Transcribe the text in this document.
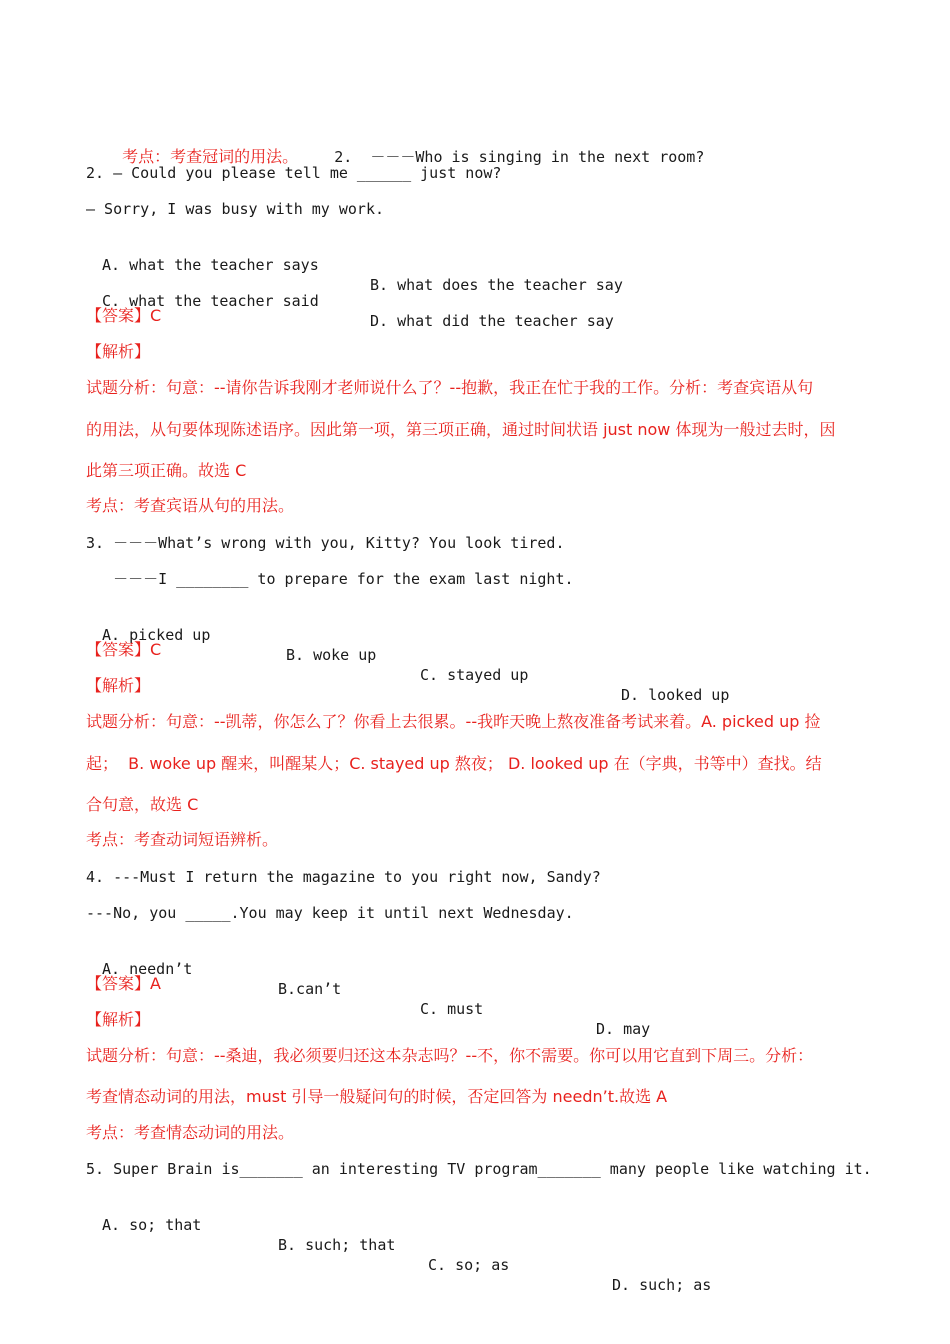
考点：考查冠词的用法。 2.  －－－Who is singing in the next room?

2. — Could you please tell me ______ just now?
— Sorry, I was busy with my work.

A. what the teacher says

B. what does the teacher say

C. what the teacher said

D. what did the teacher say

【答案】C
【解析】
试题分析：句意：--请你告诉我刚才老师说什么了？--抱歉，我正在忙于我的工作。分析：考查宾语从句
的用法，从句要体现陈述语序。因此第一项，第三项正确，通过时间状语 just now 体现为一般过去时，因
此第三项正确。故选 C
考点：考查宾语从句的用法。
3. －－－What’s wrong with you, Kitty? You look tired.
－－－I ________ to prepare for the exam last night.

A. picked up

B. woke up

C. stayed up

D. looked up

【答案】C
【解析】
试题分析：句意：--凯蒂，你怎么了？你看上去很累。--我昨天晚上熬夜准备考试来着。A. picked up 捡
起；  B. woke up 醒来，叫醒某人；C. stayed up 熬夜； D. looked up 在（字典，书等中）查找。结
合句意，故选 C
考点：考查动词短语辨析。
4. ---Must I return the magazine to you right now, Sandy?
---No, you _____.You may keep it until next Wednesday.

A. needn’t

B.can’t

C. must

D. may

【答案】A
【解析】
试题分析：句意：--桑迪，我必须要归还这本杂志吗？--不，你不需要。你可以用它直到下周三。分析：
考查情态动词的用法，must 引导一般疑问句的时候，否定回答为 needn’t.故选 A
考点：考查情态动词的用法。
5. Super Brain is_______ an interesting TV program_______ many people like watching it.

A. so; that

B. such; that

C. so; as

D. such; as
